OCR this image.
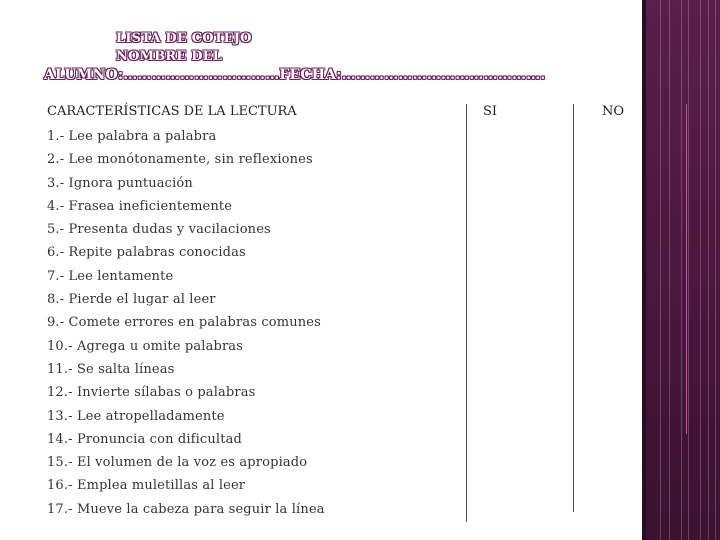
LISTA DE COTEJO
NOMBRE DEL
ALUMNO:……………………………FECHA:…………………………………….
CARACTERÍSTICAS DE LA LECTURA	SI	NO
1.- Lee palabra a palabra
2.- Lee monótonamente, sin reflexiones
3.- Ignora puntuación
4.- Frasea ineficientemente
5.- Presenta dudas y vacilaciones
6.- Repite palabras conocidas
7.- Lee lentamente
8.- Pierde el lugar al leer
9.- Comete errores en palabras comunes
10.- Agrega u omite palabras
11.- Se salta líneas
12.- Invierte sílabas o palabras
13.- Lee atropelladamente
14.- Pronuncia con dificultad
15.- El volumen de la voz es apropiado
16.- Emplea muletillas al leer
17.- Mueve la cabeza para seguir la línea
